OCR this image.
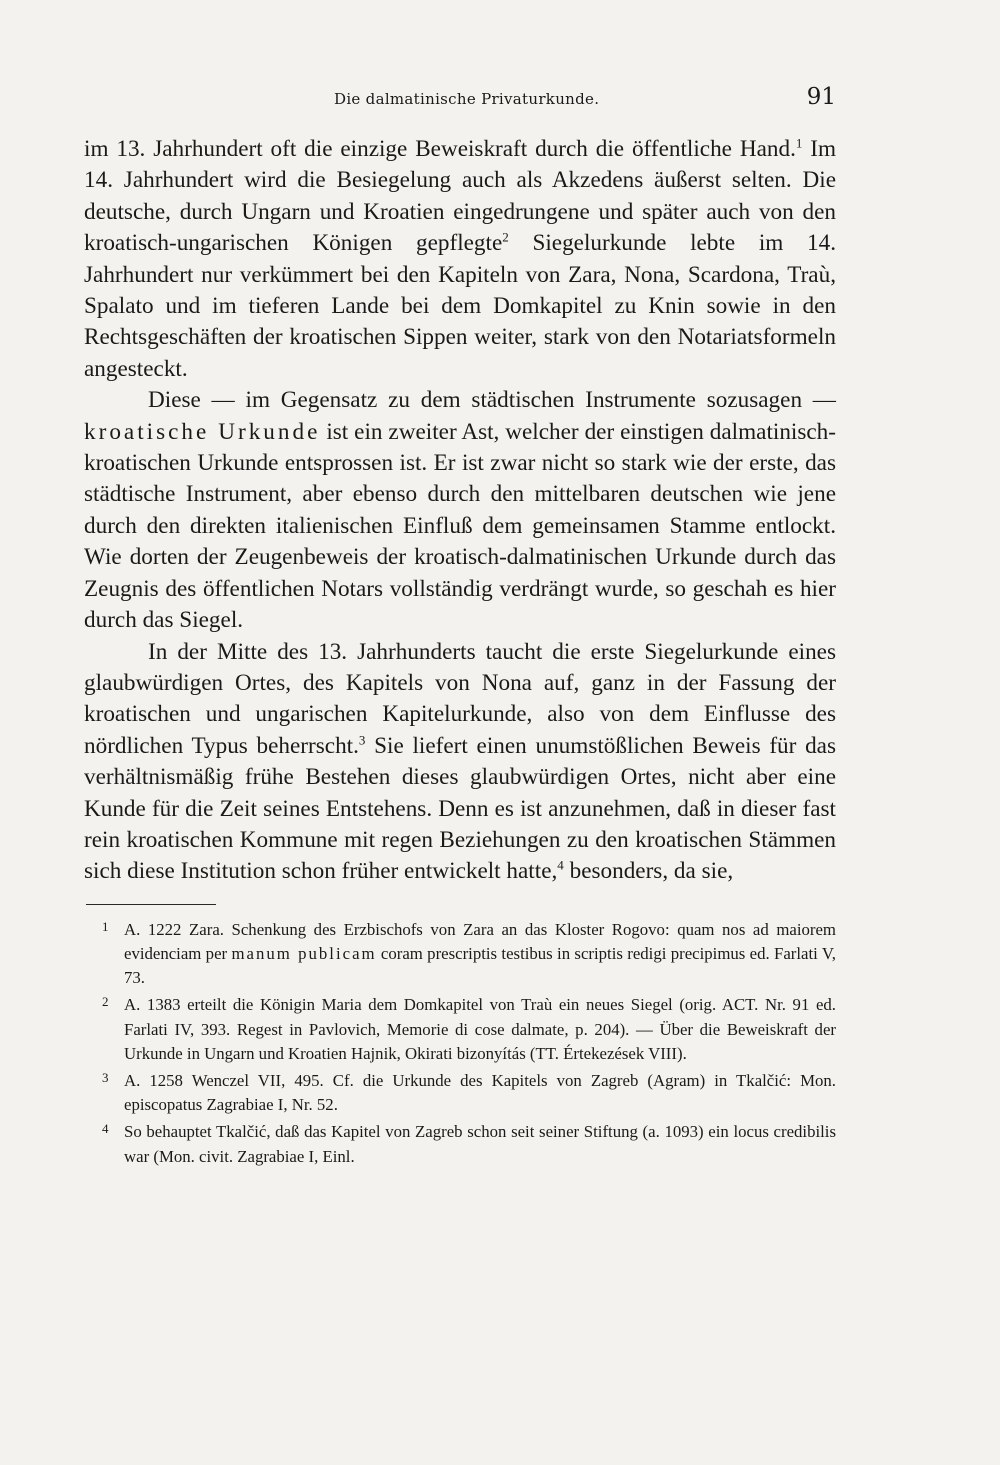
Die dalmatinische Privaturkunde.	91

im 13. Jahrhundert oft die einzige Beweiskraft durch die öffentliche Hand.$^1$ Im 14. Jahrhundert wird die Besiegelung auch als Akzedens äußerst selten. Die deutsche, durch Ungarn und Kroatien eingedrungene und später auch von den kroatisch-ungarischen Königen gepflegte$^2$ Siegelurkunde lebte im 14. Jahrhundert nur verkümmert bei den Kapiteln von Zara, Nona, Scardona, Traù, Spalato und im tieferen Lande bei dem Domkapitel zu Knin sowie in den Rechtsgeschäften der kroatischen Sippen weiter, stark von den Notariatsformeln angesteckt.

Diese — im Gegensatz zu dem städtischen Instrumente sozusagen — kroatische Urkunde ist ein zweiter Ast, welcher der einstigen dalmatinisch-kroatischen Urkunde entsprossen ist. Er ist zwar nicht so stark wie der erste, das städtische Instrument, aber ebenso durch den mittelbaren deutschen wie jene durch den direkten italienischen Einfluß dem gemeinsamen Stamme entlockt. Wie dorten der Zeugenbeweis der kroatisch-dalmatinischen Urkunde durch das Zeugnis des öffentlichen Notars vollständig verdrängt wurde, so geschah es hier durch das Siegel.

In der Mitte des 13. Jahrhunderts taucht die erste Siegelurkunde eines glaubwürdigen Ortes, des Kapitels von Nona auf, ganz in der Fassung der kroatischen und ungarischen Kapitelurkunde, also von dem Einflusse des nördlichen Typus beherrscht.$^3$ Sie liefert einen unumstößlichen Beweis für das verhältnismäßig frühe Bestehen dieses glaubwürdigen Ortes, nicht aber eine Kunde für die Zeit seines Entstehens. Denn es ist anzunehmen, daß in dieser fast rein kroatischen Kommune mit regen Beziehungen zu den kroatischen Stämmen sich diese Institution schon früher entwickelt hatte,$^4$ besonders, da sie,

1 A. 1222 Zara. Schenkung des Erzbischofs von Zara an das Kloster Rogovo: quam nos ad maiorem evidenciam per manum publicam coram prescriptis testibus in scriptis redigi precipimus ed. Farlati V, 73.

2 A. 1383 erteilt die Königin Maria dem Domkapitel von Traù ein neues Siegel (orig. ACT. Nr. 91 ed. Farlati IV, 393. Regest in Pavlovich, Memorie di cose dalmate, p. 204). — Über die Beweiskraft der Urkunde in Ungarn und Kroatien Hajnik, Okirati bizonyítás (TT. Értekezések VIII).

3 A. 1258 Wenczel VII, 495. Cf. die Urkunde des Kapitels von Zagreb (Agram) in Tkalčić: Mon. episcopatus Zagrabiae I, Nr. 52.

4 So behauptet Tkalčić, daß das Kapitel von Zagreb schon seit seiner Stiftung (a. 1093) ein locus credibilis war (Mon. civit. Zagrabiae I, Einl.
